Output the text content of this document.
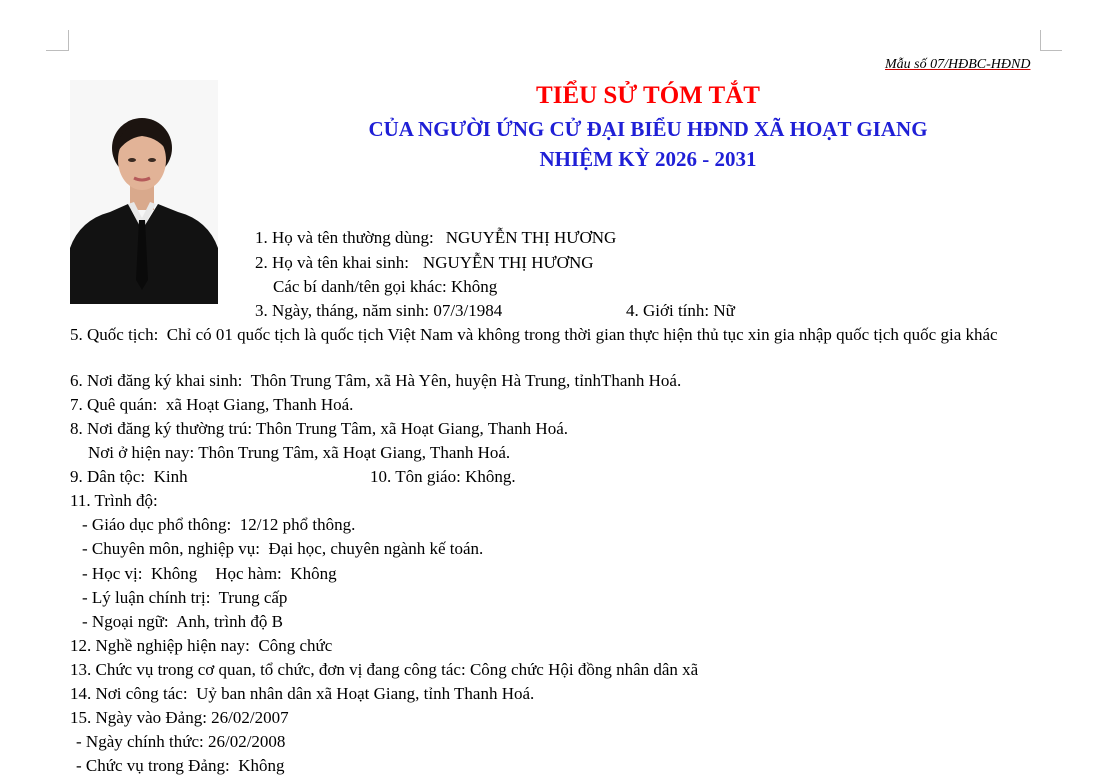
Mẫu số 07/HĐBC-HĐND
TIỂU SỬ TÓM TẮT
CỦA NGƯỜI ỨNG CỬ ĐẠI BIỂU HĐND XÃ HOẠT GIANG
NHIỆM KỲ 2026 - 2031
1. Họ và tên thường dùng: NGUYỄN THỊ HƯƠNG
2. Họ và tên khai sinh: NGUYỄN THỊ HƯƠNG
Các bí danh/tên gọi khác: Không
3. Ngày, tháng, năm sinh: 07/3/1984	4. Giới tính: Nữ
5. Quốc tịch: Chỉ có 01 quốc tịch là quốc tịch Việt Nam và không trong thời gian thực hiện thủ tục xin gia nhập quốc tịch quốc gia khác
6. Nơi đăng ký khai sinh: Thôn Trung Tâm, xã Hà Yên, huyện Hà Trung, tỉnhThanh Hoá.
7. Quê quán: xã Hoạt Giang, Thanh Hoá.
8. Nơi đăng ký thường trú: Thôn Trung Tâm, xã Hoạt Giang, Thanh Hoá.
Nơi ở hiện nay: Thôn Trung Tâm, xã Hoạt Giang, Thanh Hoá.
9. Dân tộc: Kinh	10. Tôn giáo: Không.
11. Trình độ:
- Giáo dục phổ thông: 12/12 phổ thông.
- Chuyên môn, nghiệp vụ: Đại học, chuyên ngành kế toán.
- Học vị: Không Học hàm: Không
- Lý luận chính trị: Trung cấp
- Ngoại ngữ: Anh, trình độ B
12. Nghề nghiệp hiện nay: Công chức
13. Chức vụ trong cơ quan, tổ chức, đơn vị đang công tác: Công chức Hội đồng nhân dân xã
14. Nơi công tác: Uỷ ban nhân dân xã Hoạt Giang, tỉnh Thanh Hoá.
15. Ngày vào Đảng: 26/02/2007
- Ngày chính thức: 26/02/2008
- Chức vụ trong Đảng: Không
